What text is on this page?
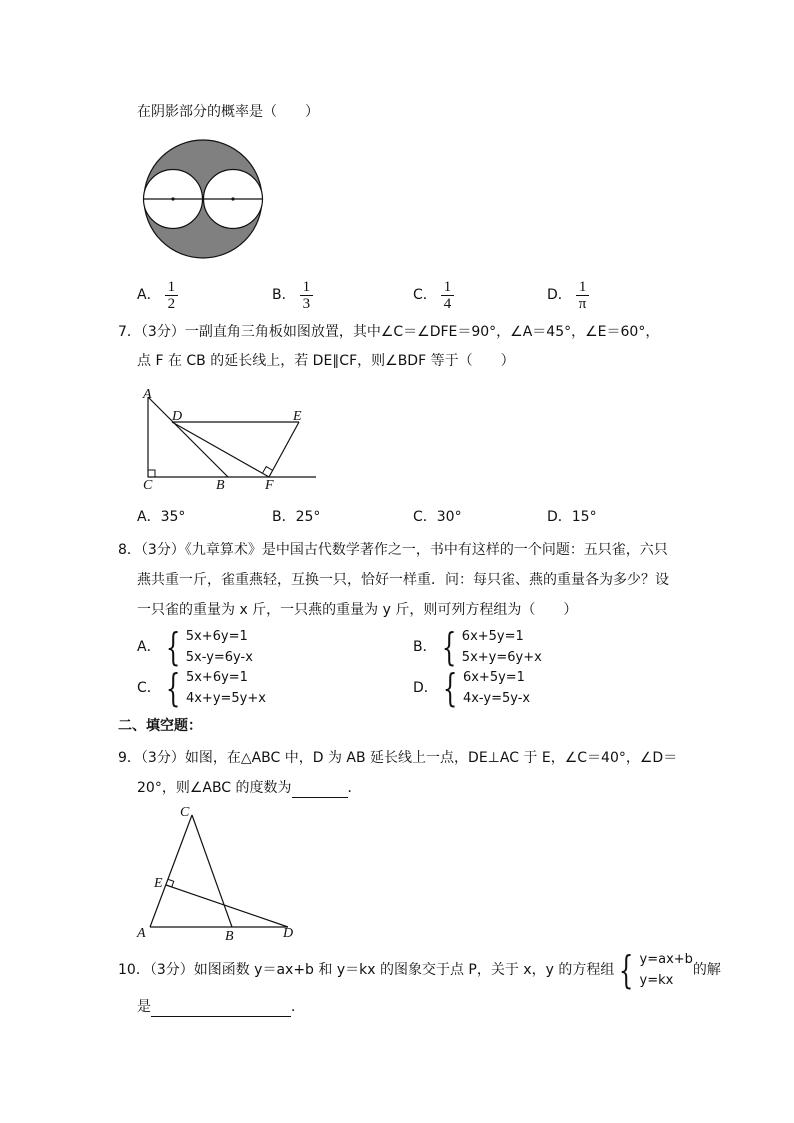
在阴影部分的概率是（　　）
A． $\frac{1}{2}$	B． $\frac{1}{3}$	C． $\frac{1}{4}$	D． $\frac{1}{\pi}$
7．（3分）一副直角三角板如图放置，其中∠C＝∠DFE＝90°，∠A＝45°，∠E＝60°，
点 F 在 CB 的延长线上，若 DE∥CF，则∠BDF 等于（　　）
A
D	E
C	B	F
A．35°	B．25°	C．30°	D．15°
8．（3分）《九章算术》是中国古代数学著作之一，书中有这样的一个问题：五只雀，六只
燕共重一斤，雀重燕轻，互换一只，恰好一样重．问：每只雀、燕的重量各为多少？设
一只雀的重量为 x 斤，一只燕的重量为 y 斤，则可列方程组为（　　）
A． { 5x+6y=1
5x-y=6y-x
B． { 6x+5y=1
5x+y=6y+x
C． { 5x+6y=1
4x+y=5y+x
D． { 6x+5y=1
4x-y=5y-x
二、填空题：
9．（3分）如图，在△ABC 中，D 为 AB 延长线上一点，DE⊥AC 于 E，∠C＝40°，∠D＝
20°，则∠ABC 的度数为	．
C
E
A	B	D
10．（3分）如图函数 y＝ax+b 和 y＝kx 的图象交于点 P，关于 x，y 的方程组 { y=ax+b
y=kx
的解
是	．
